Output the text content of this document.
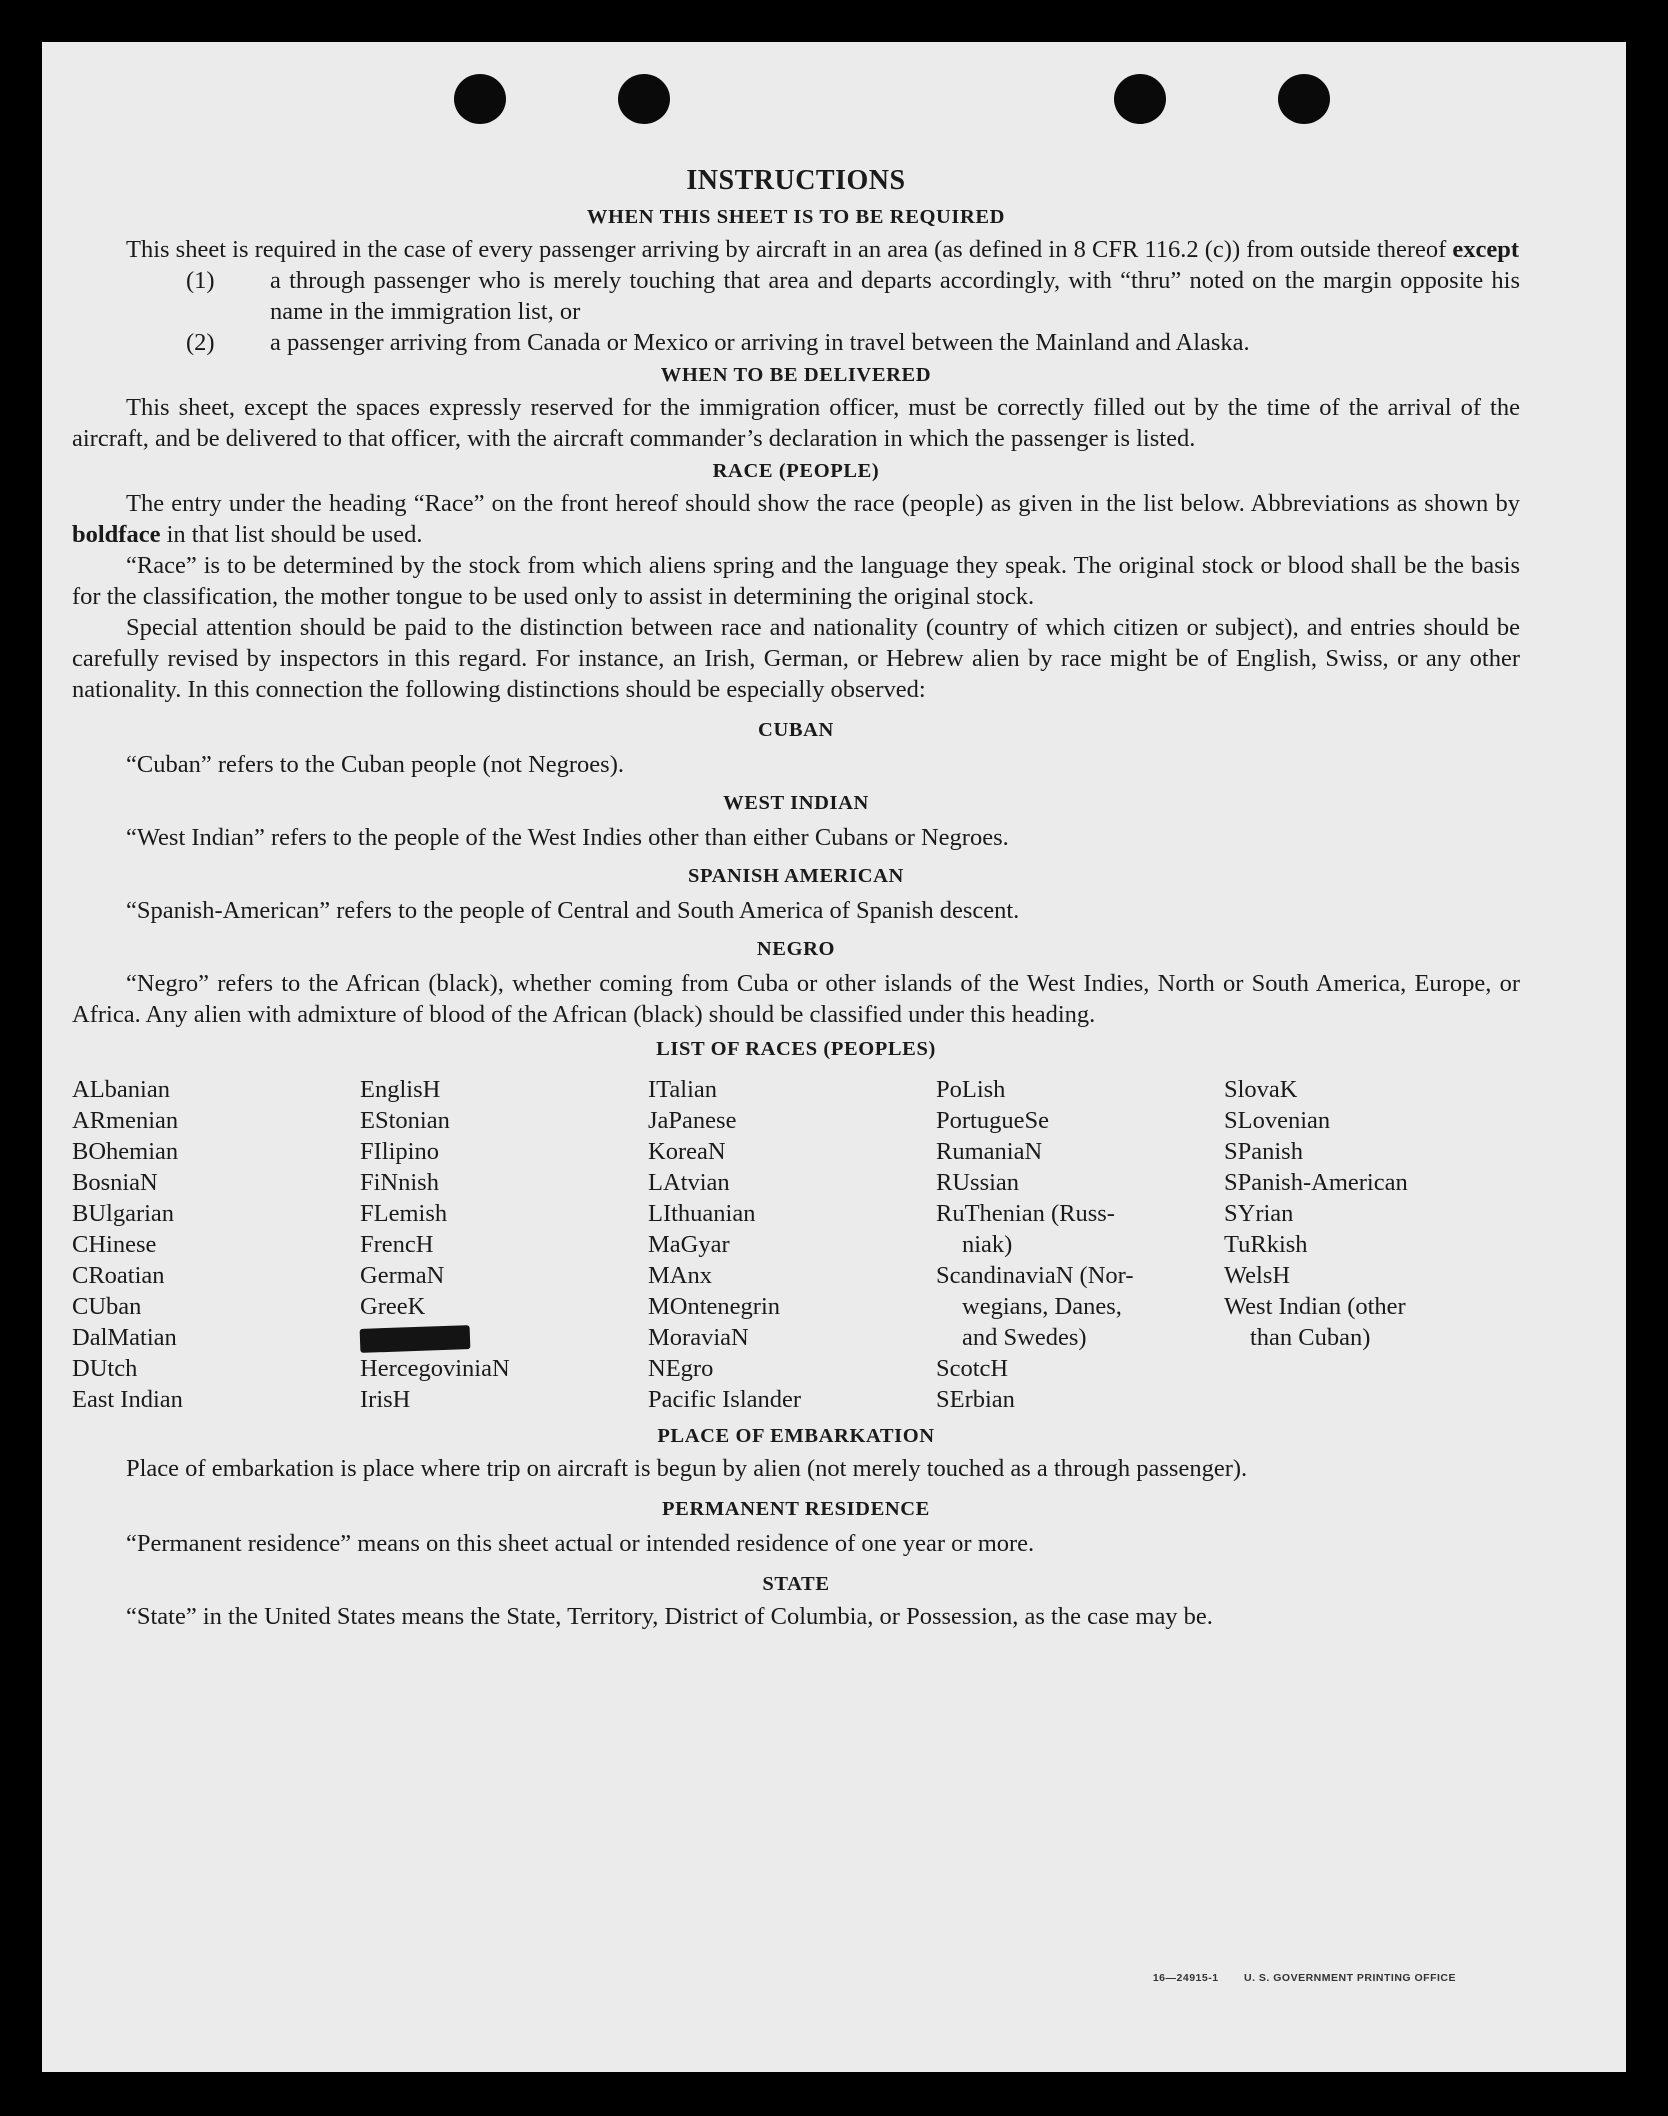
INSTRUCTIONS
WHEN THIS SHEET IS TO BE REQUIRED

This sheet is required in the case of every passenger arriving by aircraft in an area (as defined in 8 CFR 116.2 (c)) from outside thereof except

(1) a through passenger who is merely touching that area and departs accordingly, with “thru” noted on the margin opposite his name in the immigration list, or
(2) a passenger arriving from Canada or Mexico or arriving in travel between the Mainland and Alaska.
WHEN TO BE DELIVERED

This sheet, except the spaces expressly reserved for the immigration officer, must be correctly filled out by the time of the arrival of the aircraft, and be delivered to that officer, with the aircraft commander’s declaration in which the passenger is listed.

RACE (PEOPLE)

The entry under the heading “Race” on the front hereof should show the race (people) as given in the list below. Abbreviations as shown by boldface in that list should be used.

“Race” is to be determined by the stock from which aliens spring and the language they speak. The original stock or blood shall be the basis for the classification, the mother tongue to be used only to assist in determining the original stock.

Special attention should be paid to the distinction between race and nationality (country of which citizen or subject), and entries should be carefully revised by inspectors in this regard. For instance, an Irish, German, or Hebrew alien by race might be of English, Swiss, or any other nationality. In this connection the following distinctions should be especially observed:

CUBAN

“Cuban” refers to the Cuban people (not Negroes).

WEST INDIAN

“West Indian” refers to the people of the West Indies other than either Cubans or Negroes.

SPANISH AMERICAN

“Spanish-American” refers to the people of Central and South America of Spanish descent.

NEGRO

“Negro” refers to the African (black), whether coming from Cuba or other islands of the West Indies, North or South America, Europe, or Africa. Any alien with admixture of blood of the African (black) should be classified under this heading.

LIST OF RACES (PEOPLES)
ALbanian
ARmenian
BOhemian
BosniaN
BUlgarian
CHinese
CRoatian
CUban
DalMatian
DUtch
East Indian
EnglisH
EStonian
FIlipino
FiNnish
FLemish
FrencH
GermaN
GreeK
HercegoviniaN
IrisH
ITalian
JaPanese
KoreaN
LAtvian
LIthuanian
MaGyar
MAnx
MOntenegrin
MoraviaN
NEgro
Pacific Islander
PoLish
PortugueSe
RumaniaN
RUssian
RuThenian (Russ-
niak)
ScandinaviaN (Nor-
wegians, Danes,
and Swedes)
ScotcH
SErbian
SlovaK
SLovenian
SPanish
SPanish-American
SYrian
TuRkish
WelsH
West Indian (other
than Cuban)
PLACE OF EMBARKATION

Place of embarkation is place where trip on aircraft is begun by alien (not merely touched as a through passenger).

PERMANENT RESIDENCE

“Permanent residence” means on this sheet actual or intended residence of one year or more.

STATE

“State” in the United States means the State, Territory, District of Columbia, or Possession, as the case may be.

16—24915-1 U. S. GOVERNMENT PRINTING OFFICE
